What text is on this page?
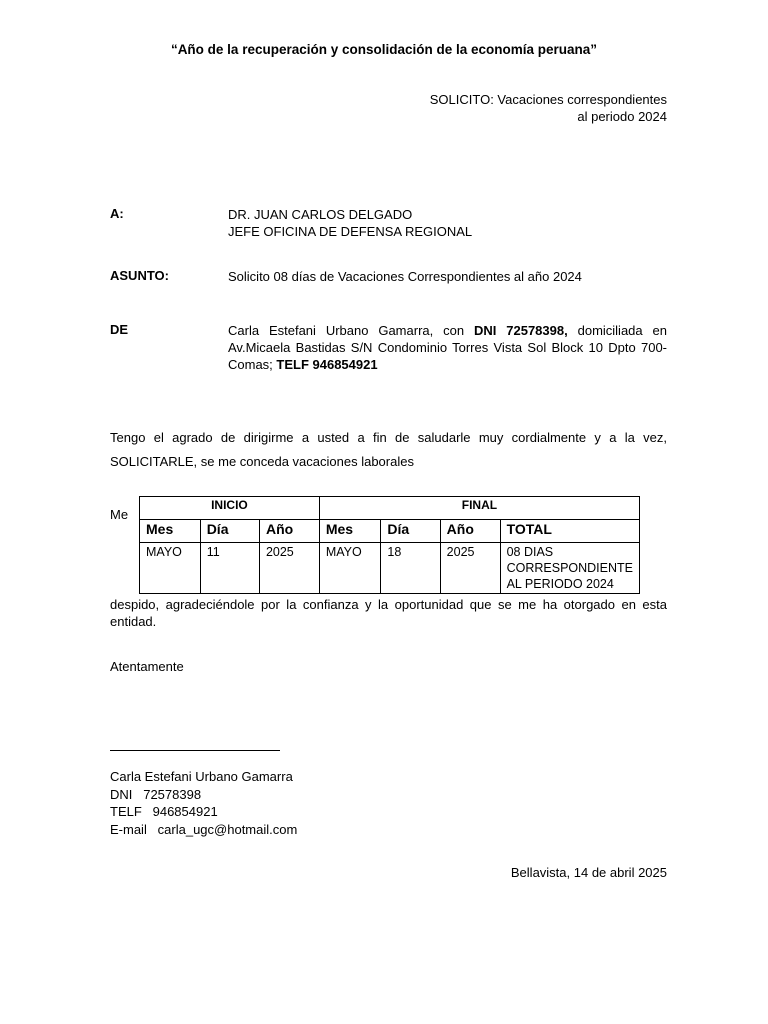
“Año de la recuperación y consolidación de la economía peruana”
SOLICITO: Vacaciones correspondientes
al periodo 2024
A:	DR. JUAN CARLOS DELGADO
JEFE OFICINA DE DEFENSA REGIONAL
ASUNTO:	Solicito 08 días de Vacaciones Correspondientes al año 2024
DE	Carla Estefani Urbano Gamarra, con DNI 72578398, domiciliada en Av.Micaela Bastidas S/N Condominio Torres Vista Sol Block 10 Dpto 700-Comas; TELF 946854921
Tengo el agrado de dirigirme a usted a fin de saludarle muy cordialmente y a la vez, SOLICITARLE, se me conceda vacaciones laborales
Me
INICIO			FINAL			
Mes	Día	Año	Mes	Día	Año	TOTAL
MAYO	11	2025	MAYO	18	2025	08 DIAS CORRESPONDIENTE AL PERIODO 2024
despido, agradeciéndole por la confianza y la oportunidad que se me ha otorgado en esta entidad.
Atentamente
Carla Estefani Urbano Gamarra
DNI   72578398
TELF   946854921
E-mail   carla_ugc@hotmail.com
Bellavista, 14 de abril 2025
